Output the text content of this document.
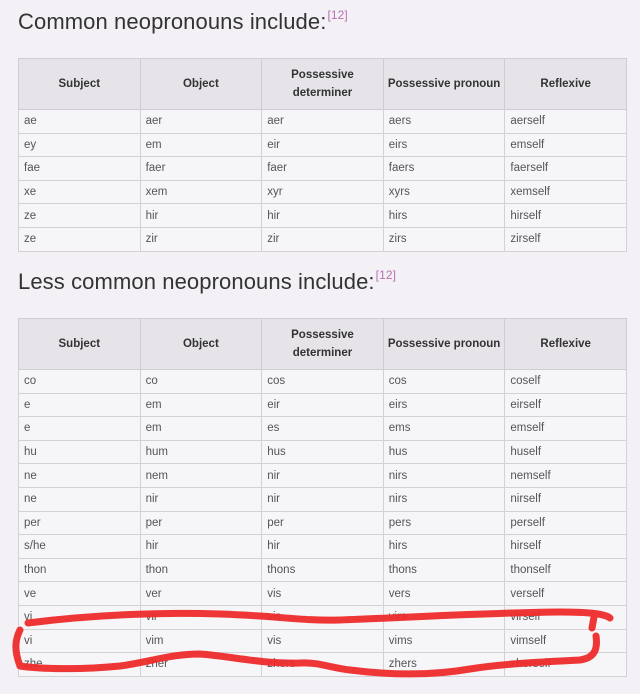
Common neopronouns include:[12]
Subject	Object	Possessive determiner	Possessive pronoun	Reflexive
ae	aer	aer	aers	aerself
ey	em	eir	eirs	emself
fae	faer	faer	faers	faerself
xe	xem	xyr	xyrs	xemself
ze	hir	hir	hirs	hirself
ze	zir	zir	zirs	zirself
Less common neopronouns include:[12]
Subject	Object	Possessive determiner	Possessive pronoun	Reflexive
co	co	cos	cos	coself
e	em	eir	eirs	eirself
e	em	es	ems	emself
hu	hum	hus	hus	huself
ne	nem	nir	nirs	nemself
ne	nir	nir	nirs	nirself
per	per	per	pers	perself
s/he	hir	hir	hirs	hirself
thon	thon	thons	thons	thonself
ve	ver	vis	vers	verself
vi	vir	vis	virs	virself
vi	vim	vis	vims	vimself
zhe	zher	zhers	zhers	zherself
